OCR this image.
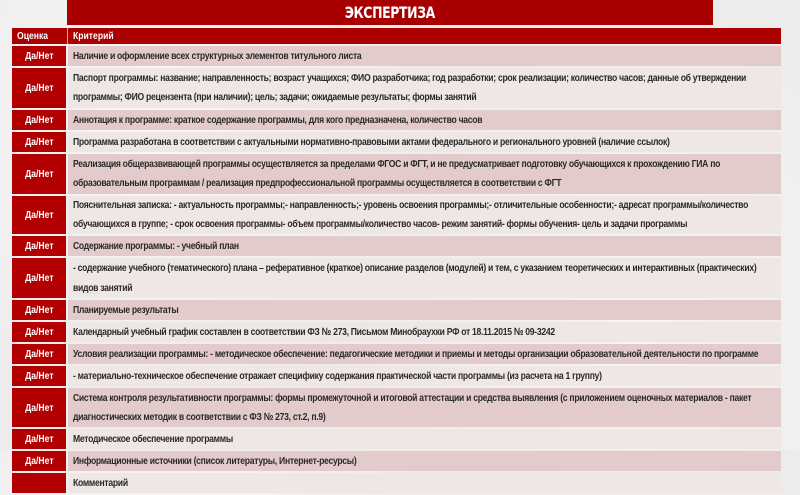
ЭКСПЕРТИЗА
Оценка	Критерий
Да/Нет	Наличие и оформление всех структурных элементов титульного листа

Да/Нет	Паспорт программы: название; направленность; возраст учащихся; ФИО разработчика; год разработки; срок реализации; количество часов; данные об утверждении программы; ФИО рецензента (при наличии); цель; задачи; ожидаемые результаты; формы занятий

Да/Нет	Аннотация к программе: краткое содержание программы, для кого предназначена, количество часов

Да/Нет	Программа разработана в соответствии с актуальными нормативно-правовыми актами федерального и регионального уровней (наличие ссылок)

Да/Нет	Реализация общеразвивающей программы осуществляется за пределами ФГОС и ФГТ, и не предусматривает подготовку обучающихся к прохождению ГИА по образовательным программам / реализация предпрофессиональной программы осуществляется в соответствии с ФГТ

Да/Нет	Пояснительная записка: - актуальность программы;- направленность;- уровень освоения программы;- отличительные особенности;- адресат программы/количество обучающихся в группе; - срок освоения программы- объем программы/количество часов- режим занятий- формы обучения- цель и задачи программы

Да/Нет	Содержание программы: - учебный план

Да/Нет	- содержание учебного (тематического) плана – реферативное (краткое) описание разделов (модулей) и тем, с указанием теоретических и интерактивных (практических) видов занятий

Да/Нет	Планируемые результаты

Да/Нет	Календарный учебный график составлен в соответствии ФЗ № 273, Письмом Минобраухки РФ от 18.11.2015 № 09-3242

Да/Нет	Условия реализации программы: - методическое обеспечение: педагогические методики и приемы и методы организации образовательной деятельности по программе

Да/Нет	- материально-техническое обеспечение отражает специфику содержания практической части программы (из расчета на 1 группу)

Да/Нет	Система контроля результативности программы: формы промежуточной и итоговой аттестации и средства выявления (с приложением оценочных материалов - пакет диагностических методик в соответствии с ФЗ № 273, ст.2, п.9)

Да/Нет	Методическое обеспечение программы

Да/Нет	Информационные источники (список литературы, Интернет-ресурсы)

	Комментарий
